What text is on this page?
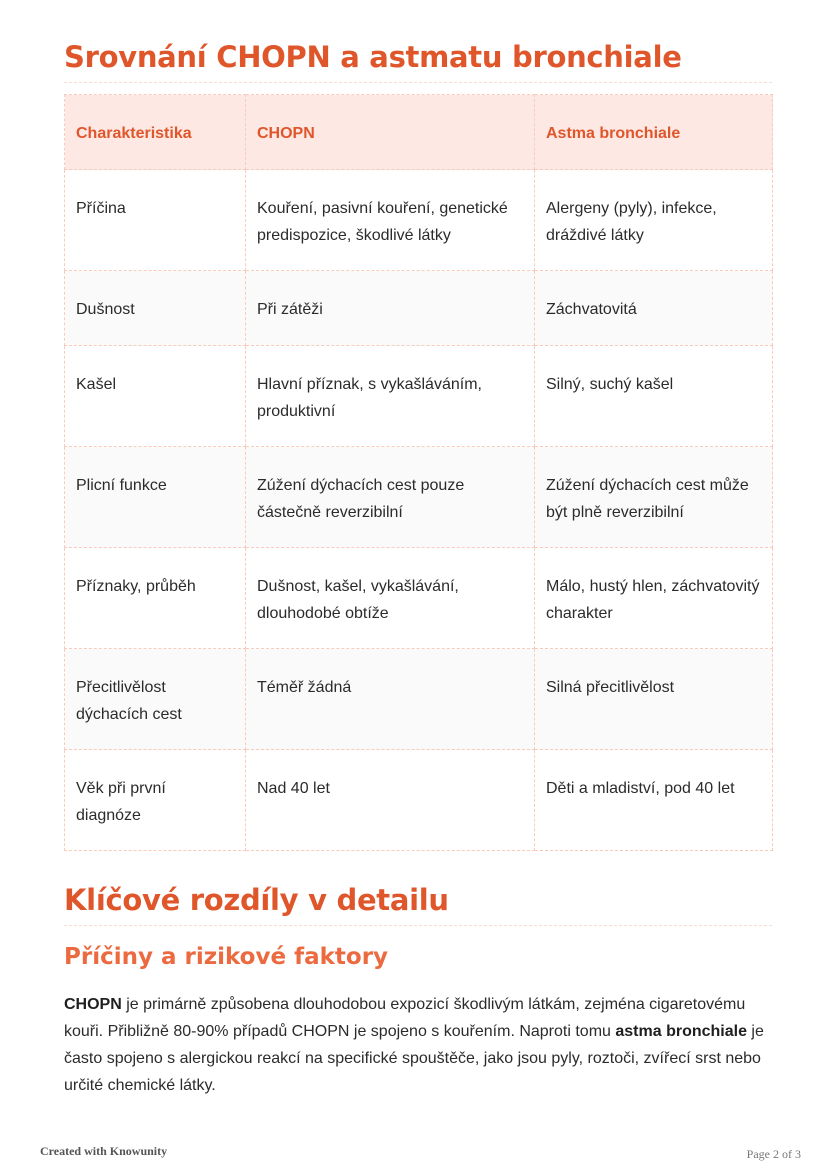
Srovnání CHOPN a astmatu bronchiale
Charakteristika	CHOPN	Astma bronchiale
Příčina	Kouření, pasivní kouření, genetické predispozice, škodlivé látky	Alergeny (pyly), infekce, dráždivé látky
Dušnost	Při zátěži	Záchvatovitá
Kašel	Hlavní příznak, s vykašláváním, produktivní	Silný, suchý kašel
Plicní funkce	Zúžení dýchacích cest pouze částečně reverzibilní	Zúžení dýchacích cest může být plně reverzibilní
Příznaky, průběh	Dušnost, kašel, vykašlávání, dlouhodobé obtíže	Málo, hustý hlen, záchvatovitý charakter
Přecitlivělost dýchacích cest	Téměř žádná	Silná přecitlivělost
Věk při první diagnóze	Nad 40 let	Děti a mladiství, pod 40 let
Klíčové rozdíly v detailu
Příčiny a rizikové faktory

CHOPN je primárně způsobena dlouhodobou expozicí škodlivým látkám, zejména cigaretovému kouři. Přibližně 80-90% případů CHOPN je spojeno s kouřením. Naproti tomu astma bronchiale je často spojeno s alergickou reakcí na specifické spouštěče, jako jsou pyly, roztoči, zvířecí srst nebo určité chemické látky.

Created with Knowunity	Page 2 of 3
